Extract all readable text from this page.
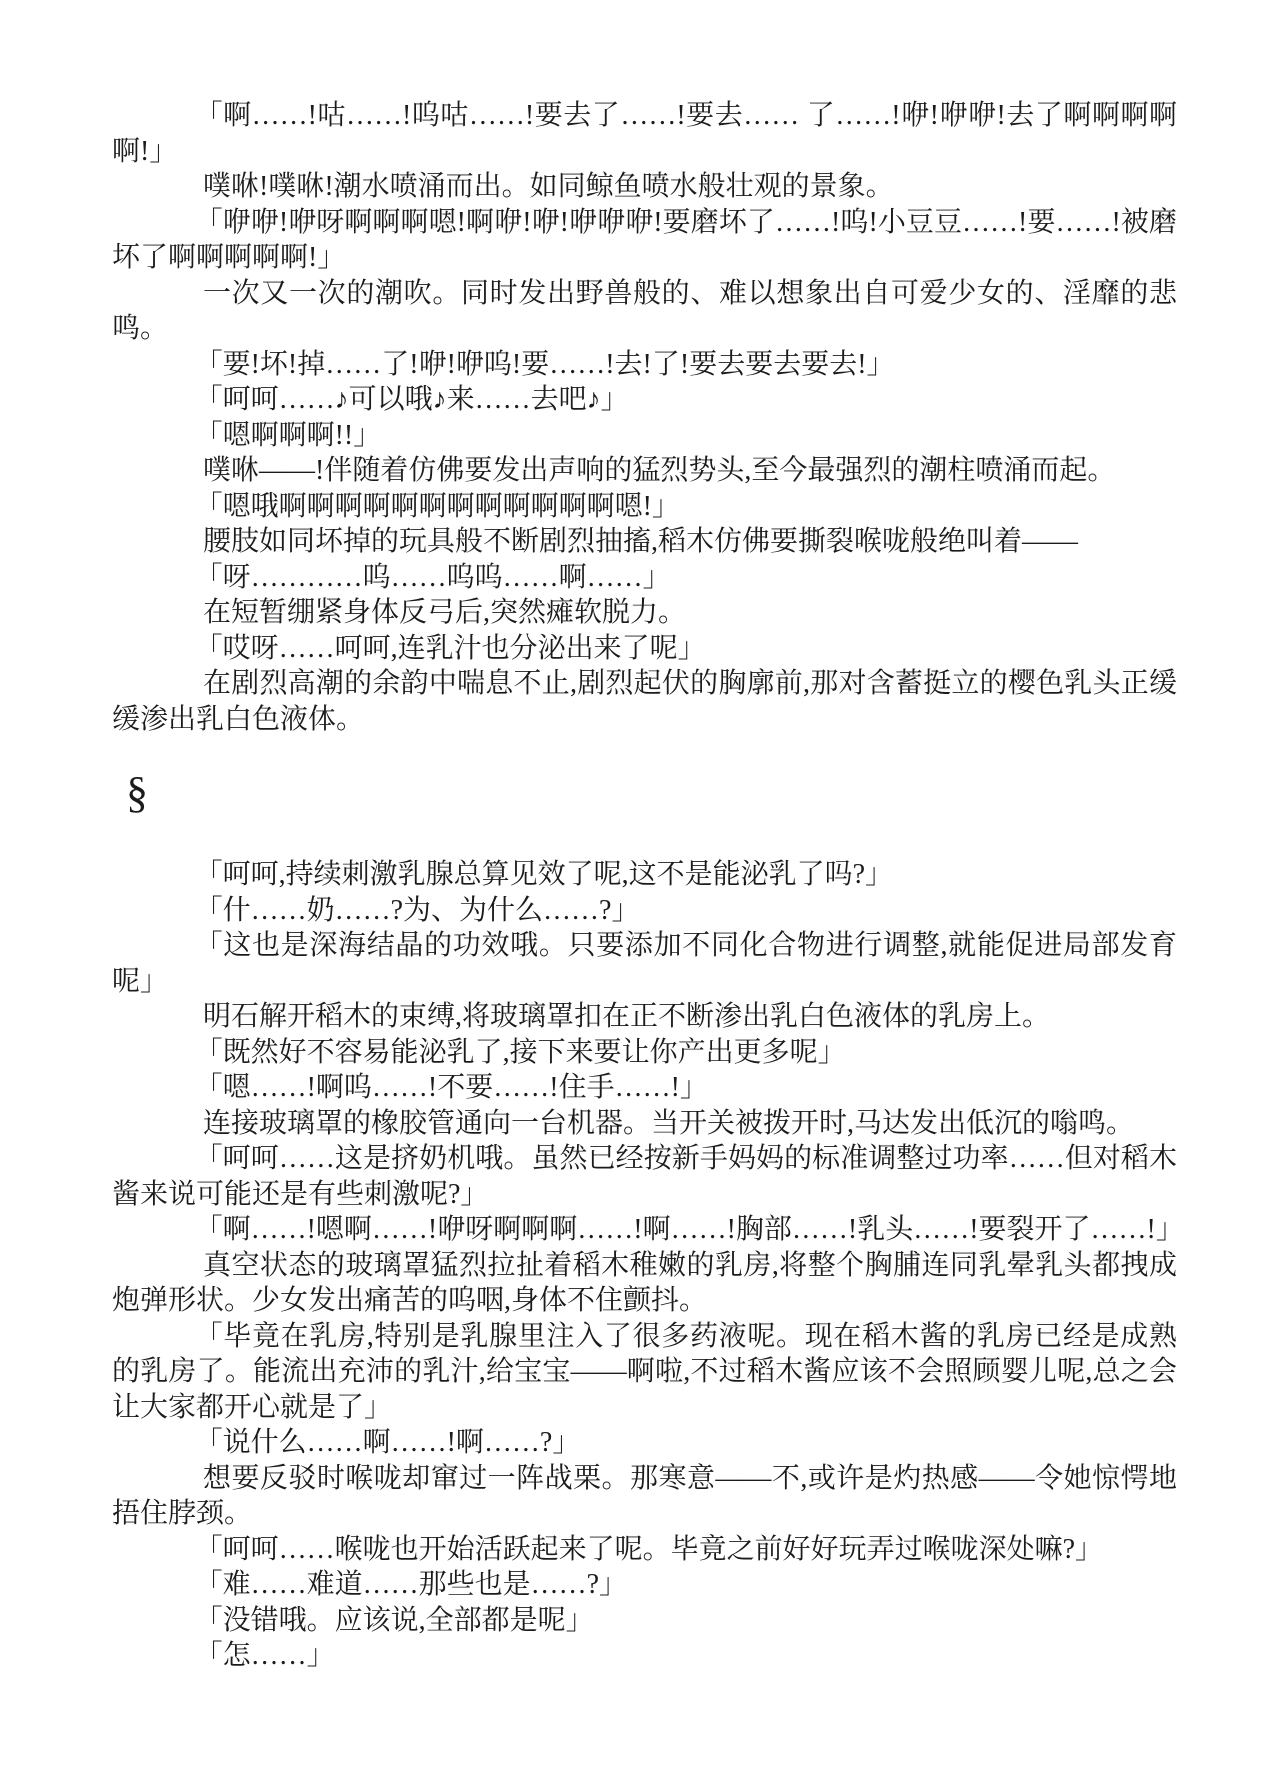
「啊……!咕……!呜咕……!要去了……!要去…… 了……!咿!咿咿!去了啊啊啊啊啊!」

噗咻!噗咻!潮水喷涌而出。如同鲸鱼喷水般壮观的景象。

「咿咿!咿呀啊啊啊嗯!啊咿!咿!咿咿咿!要磨坏了……!呜!小豆豆……!要……!被磨坏了啊啊啊啊啊!」

一次又一次的潮吹。同时发出野兽般的、难以想象出自可爱少女的、淫靡的悲鸣。

「要!坏!掉……了!咿!咿呜!要……!去!了!要去要去要去!」

「呵呵……♪可以哦♪来……去吧♪」

「嗯啊啊啊!!」

噗咻——!伴随着仿佛要发出声响的猛烈势头,至今最强烈的潮柱喷涌而起。

「嗯哦啊啊啊啊啊啊啊啊啊啊啊啊嗯!」

腰肢如同坏掉的玩具般不断剧烈抽搐,稻木仿佛要撕裂喉咙般绝叫着——

「呀…………呜……呜呜……啊……」

在短暂绷紧身体反弓后,突然瘫软脱力。

「哎呀……呵呵,连乳汁也分泌出来了呢」

在剧烈高潮的余韵中喘息不止,剧烈起伏的胸廓前,那对含蓄挺立的樱色乳头正缓缓渗出乳白色液体。

§

「呵呵,持续刺激乳腺总算见效了呢,这不是能泌乳了吗?」

「什……奶……?为、为什么……?」

「这也是深海结晶的功效哦。只要添加不同化合物进行调整,就能促进局部发育呢」

明石解开稻木的束缚,将玻璃罩扣在正不断渗出乳白色液体的乳房上。

「既然好不容易能泌乳了,接下来要让你产出更多呢」

「嗯……!啊呜……!不要……!住手……!」

连接玻璃罩的橡胶管通向一台机器。当开关被拨开时,马达发出低沉的嗡鸣。

「呵呵……这是挤奶机哦。虽然已经按新手妈妈的标准调整过功率……但对稻木酱来说可能还是有些刺激呢?」

「啊……!嗯啊……!咿呀啊啊啊……!啊……!胸部……!乳头……!要裂开了……!」

真空状态的玻璃罩猛烈拉扯着稻木稚嫩的乳房,将整个胸脯连同乳晕乳头都拽成炮弹形状。少女发出痛苦的呜咽,身体不住颤抖。

「毕竟在乳房,特别是乳腺里注入了很多药液呢。现在稻木酱的乳房已经是成熟的乳房了。能流出充沛的乳汁,给宝宝——啊啦,不过稻木酱应该不会照顾婴儿呢,总之会让大家都开心就是了」

「说什么……啊……!啊……?」

想要反驳时喉咙却窜过一阵战栗。那寒意——不,或许是灼热感——令她惊愕地捂住脖颈。

「呵呵……喉咙也开始活跃起来了呢。毕竟之前好好玩弄过喉咙深处嘛?」

「难……难道……那些也是……?」

「没错哦。应该说,全部都是呢」

「怎……」
